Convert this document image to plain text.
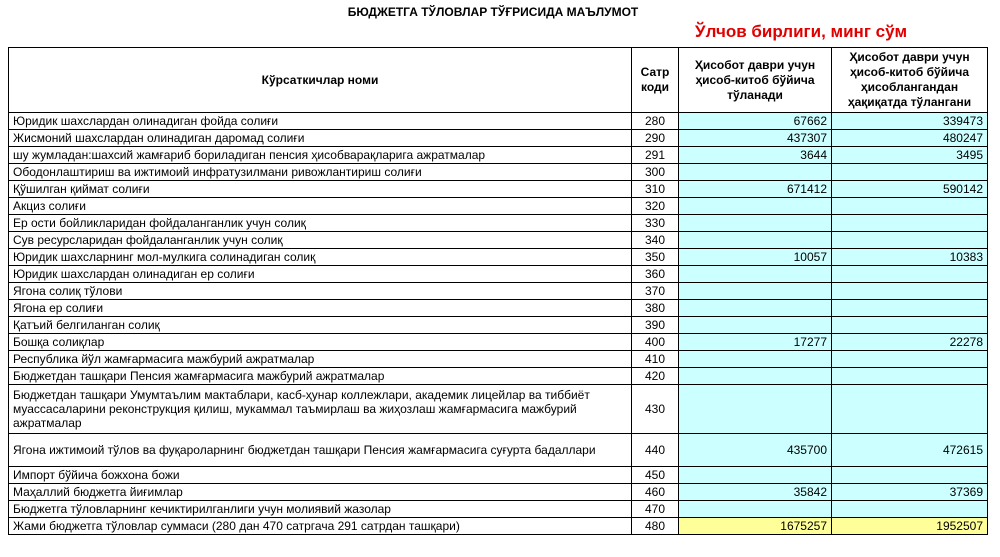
БЮДЖЕТГА ТЎЛОВЛАР ТЎҒРИСИДА МАЪЛУМОТ
Ўлчов бирлиги, минг сўм
Кўрсаткичлар номи	Сатр коди	Ҳисобот даври учун ҳисоб-китоб бўйича тўланади	Ҳисобот даври учун ҳисоб-китоб бўйича ҳисоблангандан ҳақиқатда тўлангани
Юридик шахслардан олинадиган фойда солиғи	280	67662	339473
Жисмоний шахслардан олинадиган даромад солиғи	290	437307	480247
шу жумладан:шахсий жамғариб бориладиган пенсия ҳисобварақларига ажратмалар	291	3644	3495
Ободонлаштириш ва ижтимоий инфратузилмани ривожлантириш солиғи	300		
Қўшилган қиймат солиғи	310	671412	590142
Акциз солиғи	320		
Ер ости бойликларидан фойдаланганлик учун солиқ	330		
Сув ресурсларидан фойдаланганлик учун солиқ	340		
Юридик шахсларнинг мол-мулкига солинадиган солиқ	350	10057	10383
Юридик шахслардан олинадиган ер солиғи	360		
Ягона солиқ тўлови	370		
Ягона ер солиғи	380		
Қатъий белгиланган солиқ	390		
Бошқа солиқлар	400	17277	22278
Республика йўл жамғармасига мажбурий ажратмалар	410		
Бюджетдан ташқари Пенсия жамғармасига мажбурий ажратмалар	420		
Бюджетдан ташқари Умумтаълим мактаблари, касб-ҳунар коллежлари, академик лицейлар ва тиббиёт муассасаларини реконструкция қилиш, мукаммал таъмирлаш ва жиҳозлаш жамғармасига мажбурий ажратмалар	430		
Ягона ижтимоий тўлов ва фуқароларнинг бюджетдан ташқари Пенсия жамғармасига суғурта бадаллари	440	435700	472615
Импорт бўйича божхона божи	450		
Маҳаллий бюджетга йиғимлар	460	35842	37369
Бюджетга тўловларнинг кечиктирилганлиги учун молиявий жазолар	470		
Жами бюджетга тўловлар суммаси (280 дан 470 сатргача 291 сатрдан ташқари)	480	1675257	1952507
